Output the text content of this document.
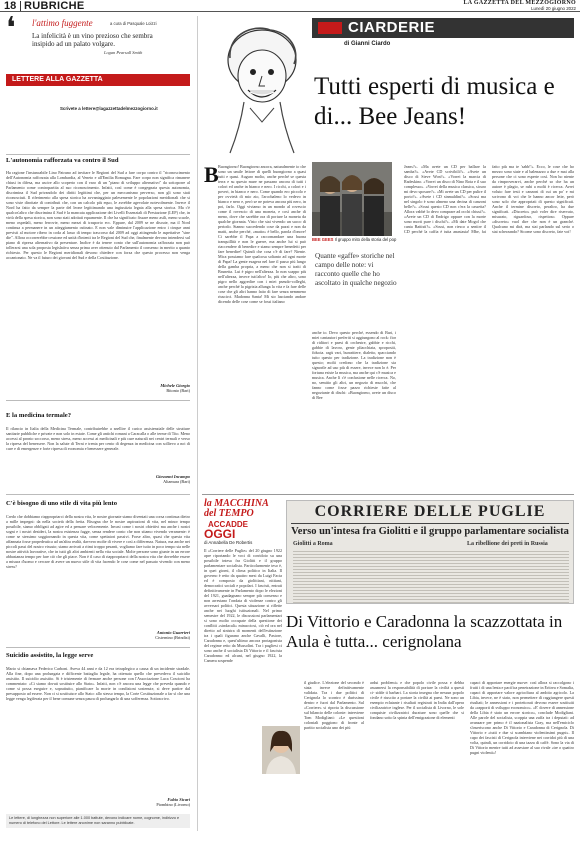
18 RUBRICHE	LA GAZZETTA DEL MEZZOGIORNO
Lunedì 20 giugno 2022
❛ l'attimo fuggente	a cura di Pasquale Loizzi
La infelicità è un vino prezioso che sembra insipido ad un palato volgare.
Logan Pearsall Smith
LETTERE ALLA GAZZETTA
Scrivete a lettere@lagazzettadelmezzogiorno.it
L'autonomia rafforzata va contro il Sud
Ha ragione l'instancabile Lino Patruno ad invitare le Regioni del Sud a fare corpo contro il "riconoscimento dell'Autonomia rafforzata alla Lombardia, al Veneto e all'Emilia Romagna. Fare corpo non significa rimanere chiusi in difesa, ma uscire allo scoperto con il varo di un "piano di sviluppo alternativo" da sottoporre al Parlamento come contropartita al suo riconoscimento. Infatti, così come è congegnata questa autonomia, discrimina il Sud privandolo dei diritti legittimi che, per un meccanismo perverso, non gli sono stati riconosciuti. Il riferimento alla spesa storica ha avvantaggiato palesemente le popolazioni meridionali che si sono viste dirottate di contributi che, con un calcolo più equo, le avrebbe agevolate notevolmente. Invece il Nord ha fatto da sempre la parte del leone legittimando una ingiustizia legata alla spesa storica. Ma c'è qualcos'altro che discrimina il Sud è la mancata applicazione dei Livelli Essenziali di Prestazione (LEP) che, in virtù della spesa storica, non sono stati adottati equamente. Il che ha significato fissare meno asili, meno scuole, meno ospedali, meno ferrovie, meno mezzi di trasporto ecc. Eppure, dal 2009 se ne discute, ma il Nord continua a permanere in un atteggiamento ostinato. E non vale diminuire l'applicazione entro i cinque anni previsti al motore ribero in coda al lasso di tempo trascorso dal 2009 ad oggi attingendo le aspettative "sine die". Allora occorrerebbe cessione ed unità d'intenti tra le Regioni del Sud che, finalmente devono intendersi sul piano di ripresa alternativo da presentare. Inoltre è da tenere conto che sull'autonomia rafforzata non può tollerarsi una sola proposta legislativa senza prima aver ottenuto dal Parlamento il consenso in merito a quanto richiesto. Per questo le Regioni meridionali devono chiedere con forza che questo processo non venga accantonato. Ne va il futuro dei giovani del Sud e della Costituzione.
Michele Giorgio
Bitonto (Bari)
E la medicina termale?
Il rilancio in Italia della Medicina Termale, contribuirebbe a snellire il carico assistenziale delle strutture sanitarie pubbliche e private e non solo in estate. Come gli antichi romani a Caracalla o alle terme di Tito. Meno accessi al pronto soccorso, meno stress, meno accessi ai medicinali e più cure naturali nei centri termali e verso la ripresa del benessere. Non la salute di Terni e trenta per cento di degenza in medicina con sollievo a noi di cure e di emergenze e forte ripresa di economia e benessere generale.
Giovanni Incampo
Altamura (Bari)
C'è bisogno di uno stile di vita più lento
Credo che dobbiamo riappropriarci della nostra vita, le nostre giornate siamo diventati una corsa continua dietro a mille impegni: da nella società della fretta. Bisogna che le nostre aspirazioni di vita, nel minor tempo possibile, siamo obbligati ad agire ed a pensare velocemente. Invasi come i nostri obiettivi ma anche i nostri sogni e i nostri desideri, la nostra esistenza fugge, senza rendere conto che non stiamo vivendo veramente: è come se stessimo soggiornando in questa vita, come spettatori passivi. Forse altro, quasi che questa vita affannata fosse propedeutica ad un'altra realtà, davvero molte di vivere e così a differenza. Natura, ma anche nei piccoli passi del nostro vissuto; siamo arrivati a ritmi troppo pesanti, vogliamo fare tutto in poco tempo sia nelle nostre attività lavorative, che in tutti gli altri ambienti nella vita sociale. Molte persone sono giunte in un errore abbastanza tempo per fare ciò che gli piace. Non è il caso di riappropriarci della nostra vita che dovrebbe essere a misura d'uomo e cercare di avere un nuovo stile di vita facendo le cose come nel passato vivendo con meno stress?
Antonio Guarrieri
Cisternino (Brindisi)
Suicidio assistito, la legge serve
Mario si chiamava Federico Carboni. Aveva 44 anni e da 12 era tetraplegico a causa di un incidente stradale. Alla fine, dopo una prolungata e difficente battaglia legale, ha ottenuto quello che prevedeva il suicidio assistito. Il suicidio assistito. Si è tristemente di fermare anche persone con l'Associazione Luca Coscioni ha commentato: «Ci siamo dovuti sostituire allo Stato». Infatti, non c'è ancora una legge che preveda quando e come si possa eseguire e, soprattutto, pianificare la morte in condizioni sostenute, si deve partire dal presupposto ad essere. Non ci si sostituisce allo Stato: allo stesso tempo, la Corte Costituzionale a far sì che una legge venga legiferata per il bene comune senza paura di prolungarlo di una sofferenza. Sottoscrivo.
Fabio Sicari
Piombino (Livorno)
Le lettere, di lunghezza non superiore alle 1.000 battute, devono indicare nome, cognome, indirizzo e numero di telefono del Lettore. Le lettere anonime non saranno pubblicate.
CIARDERIE
di Gianni Ciardo
Tutti esperti di musica e di... Bee Jeans!
BEE GEES Il gruppo mito della storia del pop
Quante «gaffe» storiche nel campo delle note: vi racconto quelle che ho ascoltato in qualche negozio
B Buongiorno! Buongiorno ancora, naturalmente io che sono un umile lettore di quelli buongiorno a quasi tutti e quasi. Auguro molto, anche perché se questa terra e su questo mare ne passano ancora di tutti i colori ed anche in bianco e nero. I ricchi, a colori e i poveri, in bianco e nero. Come quando ero piccolo e per ovvietà di mio zio, l'arcobaleno lo vedevo in bianco e nero e, però se ne poteva ancora più nero, in poi, farlo. Oggi viviamo in un mondo al rovescio come il rovescio di una moneta, e così anche di meno, dove che sarebbe ora di portare la moneta da qualche giornata. Visto che stai vivendo un sacco di periodo. Stanno succedendo cose da pazzi e non da matti, anche perché, «matto» è bello, parola d'onore! Ci sarebbe il Papa a raccomandare una buona tranquillità e non le guerre, ma anche lui si può riaccendere di benedire e siamo sempre benedetti per fare benedire! Quindi che cosa c'è di fare? Niente. Mica possiamo fare qualcosa soltanto ad ogni morte di Papa! La gente esagera nel fare il passo più lungo della gamba propria, a meno che non si tratti di Brunetta. Lui è pigro nell'altezza. Io non scappo più nell'altezza, invece tutt'altro! Io, più che altro, sono pigro nello aggredire con i miei pseudo-colleghi, anche perché la pigrizia allunga la vita e fa fare delle cose che gli altri hanno fatto di fare senza nemmeno riuscirci. Madonna Santa! Mi sto lasciando andare dicendo delle cose come se fossi italiano
anche io. Devo questo perché, essendo di Bari, i miei cantautori preferiti si aggiungono al rock: fior di riditori e paesi di orchestre, gabbie e ricchi, gabbie di lavoro, gente pliacchiata, spropositi, fiducia. ragù vari, burrattiere, dialetto, spacciando tutto questo per tradizione. La tradizione non è questo; molti credono che la tradizione sia signorile ad uso più di essere, invece non lo è. Per fortuna esiste la musica, ma anche qui c'è musica e musica. Anche lì c'è confusione nelle ricerca. No, no, semitio gli altri, un negozio di mucchi, che fanno come fosse pazzo richieste fatte al negoziante di dischi: «Buongiorno, avete un disco di Bee
Jeans?». «Ma avete un CD per ballare la samba?». «Avete CD scrivibili?». «Avete un disco di Steve Won?». «Vorrei la marcia di Radeskino. «Vorrei un disco di Nino Rota e il suo complesso». «Vorrei della musica classica, sicuro mi devo sposare?». «Mi avete un CD per pulire il porto?». «Avete i CD sinmaldini?». «Scusi ma nel singolo è sono almeno una decina di canzoni belle?». «Scusi questo CD non c'era la cassetta? Allora vabbè lo devo comprare ad occhi chiusi?». «Avete un CD di Endrigo oppure con la morte sono morti pure i dischi?». «Mi date Mogol che canta Battisti?». «Scusi, non riesco a sentire il CD perché la caffia è tutta anastasia! Mbe, fai fatto più ma te 'sabb!'». Ecco, le cose che ho mezzo sono state e al balenazzo a due e mai alla persone che ci sono esperte così. Non ho niente da rimproverarvi, anche perché so che ha un autore è plagio, se rubi a molti è ricerca. Avrei voluto fare testi e canzoni di cui un po' e mi scrivono di voi che le hanno ancor lette, però sono solo che appropriati di questo significati. Anche il termine discreto, peraltro, ha due significati. «Discreto» può voler dire riservato, misurato, riguardoso, rispettoso. Oppure «discreto» vuol dire che non è un granché. Qualcuno mi dirà, ma stai parlando sul serio o stai scherzando? Sicome sono discreto, fate voi!
la MACCHINA
del TEMPO
ACCADDE
OGGI
di Annabella De Robertis
CORRIERE DELLE PUGLIE
Verso un'intesa fra Giolitti e il gruppo parlamentare socialista
Giolitti a Roma	La ribellione dei preti in Russia
Il «Corriere delle Puglie» del 20 giugno 1922 apre riportando le voci di corridoio su una possibile intesa fra Giolitti e il gruppo parlamentare socialista. Particolarmente teso è, in quei giorni, il clima politico in Italia. Il governo è retto da quattro mesi da Luigi Facta ed è composto da giolittiani, nittiani, democratici sociali e popolari. I fascisti, entrati definitivamente in Parlamento dopo le elezioni del 1921, guadagnano sempre più consenso e non arrestano l'ondata di violenze contro gli avversari politici. Questa situazione si riflette anche nei luoghi istituzionali. Nel primo semestre del 1922, le discussioni parlamentari si sono molto occupate della questione dei conflitti «sindacali» minacciosi, ciò ed ora nel diretto ad sinistra di momenti dell'estinzione tra i quali figurano anche Cavalli, Pastore, Caradonna e, quest'ultimo ancora protagonista del regime retto da Mussolini. Tra i pugliesi ci sono anche il socialista Di Vittorio e il fascista Caradonna: ed alcuni, nel giugno 1922, la Camera sospende
Di Vittorio e Caradonna la scazzottata in Aula è tutta... cerignolana
il giudice. L'elezione del secondo è stata invece definitivamente validata. Tra i due politici di Cerignola lo scontro è durissimo dentro e fuori dal Parlamento. Sul «Corriere» si riporta la discussione sul bilancio delle colonie: interviene Tom Modigliani: «Le questioni coloniali poggiono di fronte al partito socialista uno dei più
ardui problemi» e che popolo civile possa e debba assumersi la responsabilità di portare la civiltà a questi ci- sidde ti barbari. La storia insegna che nessun popolo civile è riuscito a portare la civiltà ai paesi. Ne sono un esempio eclatante i risultati registrati in India dall'opera civilizzatrice inglese. Per il socialista di Livorno, le sole conquiste civilizzatrici durature sono quelle che si fondano sotto la spinta dell'emigrazione di elementi
capaci di apportare energie nuove: così allora si raccolgono i frutti i di una lenta e pacifica penetrazione in Eritrea e Somalia, capaci di apportare valore agricoltura al ambito agricolo. La Libia, invece, ne è stato, non permettere di raggiungere questi risultati; le annessioni e i protettorati devono essere sostituiti da «rapporti di sviluppo economico». «E' dovere di annessione della Libia è stato un errore storico», conclude Modigliani. Alle parole del socialista, scoppia una zuffa tra i deputati: ad avanzare per primo è il nazionalista Gray, ma nell'emiciclo s'inseriscono anche Di Vittorio e Caradonna di Cerignola. Di Vittorio e «tutti e due si scambiano violentissimi pugni». Il capo dei fascisti di Cerignola interviene nei corridoi più di una volta, quindi, un corridoio di una tazza di caffè. Sono la via di Di Vittorio mentre tutti ad assestare al suo rivale «tre o quattro pugni violenti»!
